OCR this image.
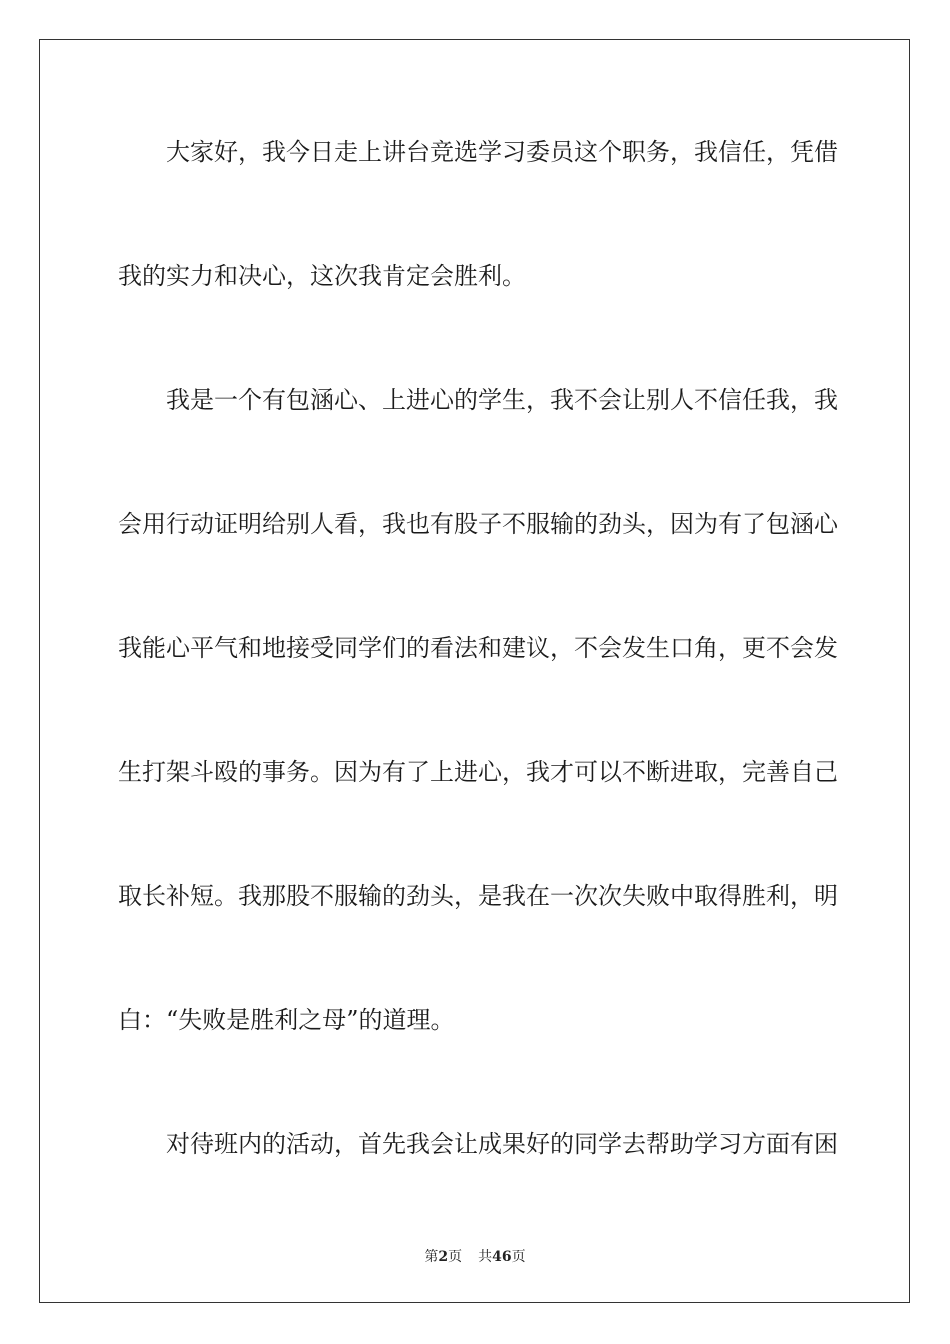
大家好，我今日走上讲台竞选学习委员这个职务，我信任，凭借
我的实力和决心，这次我肯定会胜利。
我是一个有包涵心、上进心的学生，我不会让别人不信任我，我
会用行动证明给别人看，我也有股子不服输的劲头，因为有了包涵心
我能心平气和地接受同学们的看法和建议，不会发生口角，更不会发
生打架斗殴的事务。因为有了上进心，我才可以不断进取，完善自己
取长补短。我那股不服输的劲头，是我在一次次失败中取得胜利，明
白：“失败是胜利之母”的道理。
对待班内的活动，首先我会让成果好的同学去帮助学习方面有困
第2页 共46页
